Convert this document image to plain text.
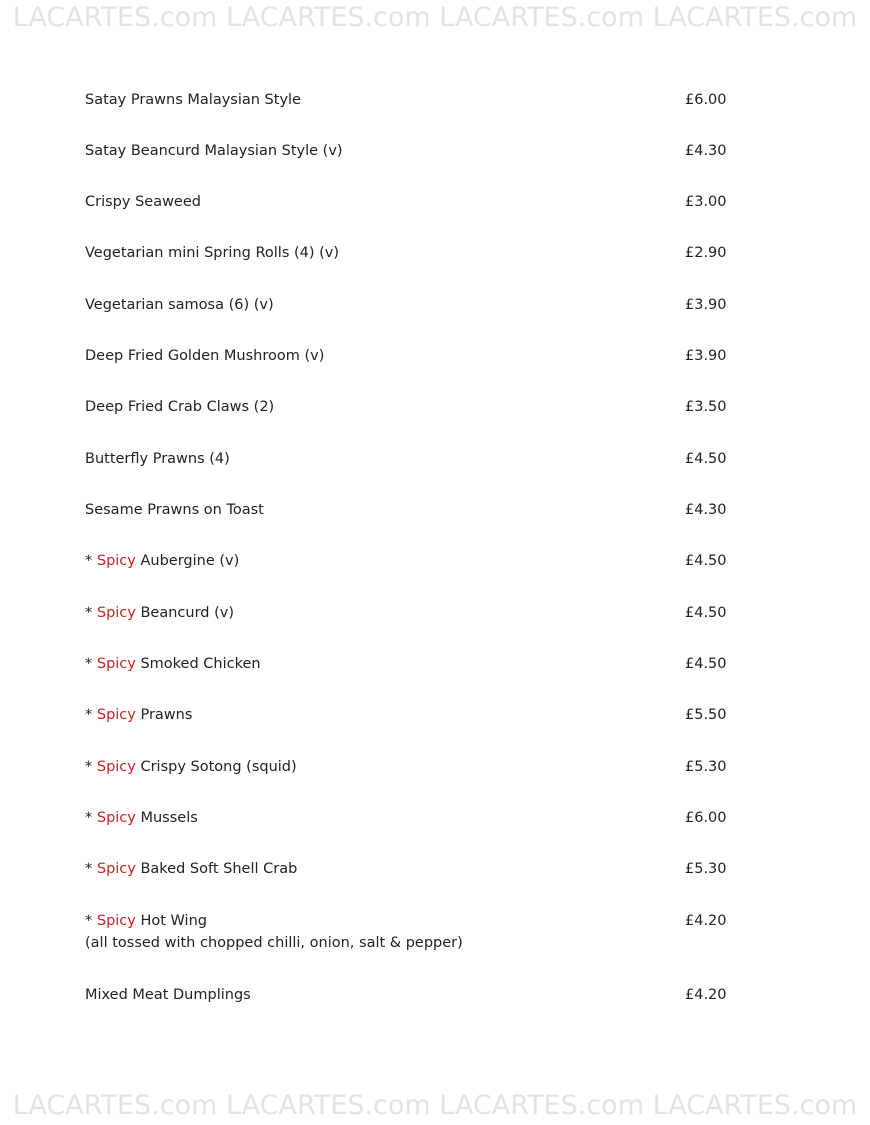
LACARTES.com LACARTES.com LACARTES.com LACARTES.com
Satay Prawns Malaysian Style	£6.00
Satay Beancurd Malaysian Style (v)	£4.30
Crispy Seaweed	£3.00
Vegetarian mini Spring Rolls (4) (v)	£2.90
Vegetarian samosa (6) (v)	£3.90
Deep Fried Golden Mushroom (v)	£3.90
Deep Fried Crab Claws (2)	£3.50
Butterfly Prawns (4)	£4.50
Sesame Prawns on Toast	£4.30
* Spicy Aubergine (v)	£4.50
* Spicy Beancurd (v)	£4.50
* Spicy Smoked Chicken	£4.50
* Spicy Prawns	£5.50
* Spicy Crispy Sotong (squid)	£5.30
* Spicy Mussels	£6.00
* Spicy Baked Soft Shell Crab	£5.30
* Spicy Hot Wing	£4.20
(all tossed with chopped chilli, onion, salt & pepper)
Mixed Meat Dumplings	£4.20
LACARTES.com LACARTES.com LACARTES.com LACARTES.com
